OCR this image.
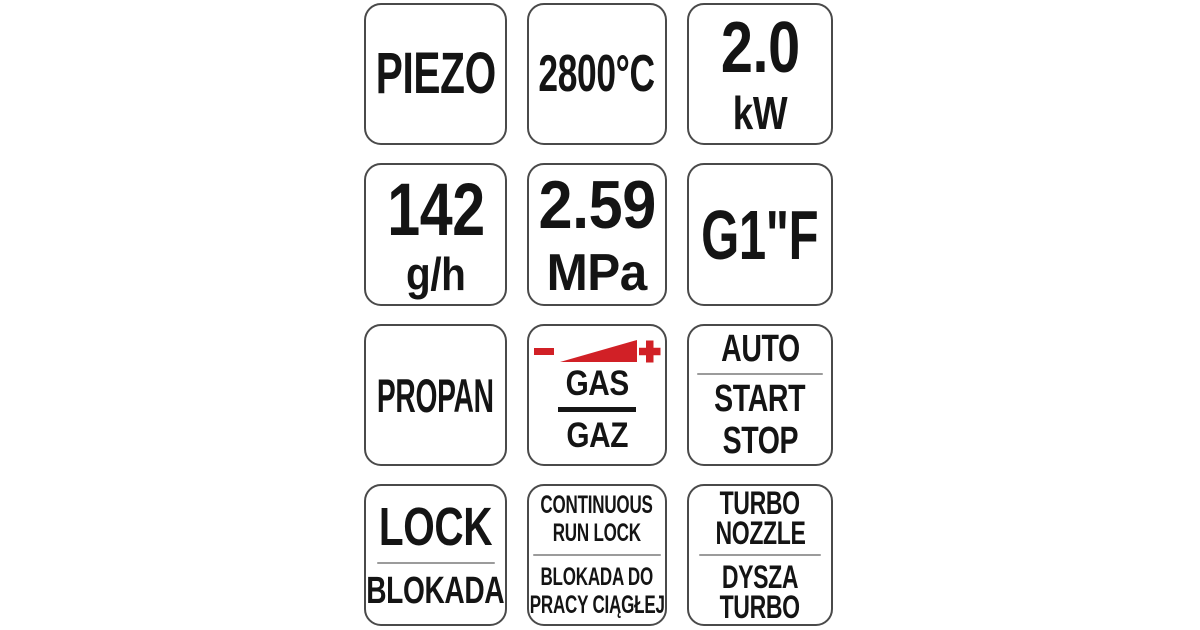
PIEZO 2800°C 2.0
kW
142
g/h
2.59
MPa G1"F
PROPAN	GAS
GAZ
AUTO
START
STOP
LOCK
BLOKADA
CONTINUOUS
RUN LOCK
BLOKADA DO
PRACY CIĄGŁEJ
TURBO
NOZZLE
DYSZA
TURBO
